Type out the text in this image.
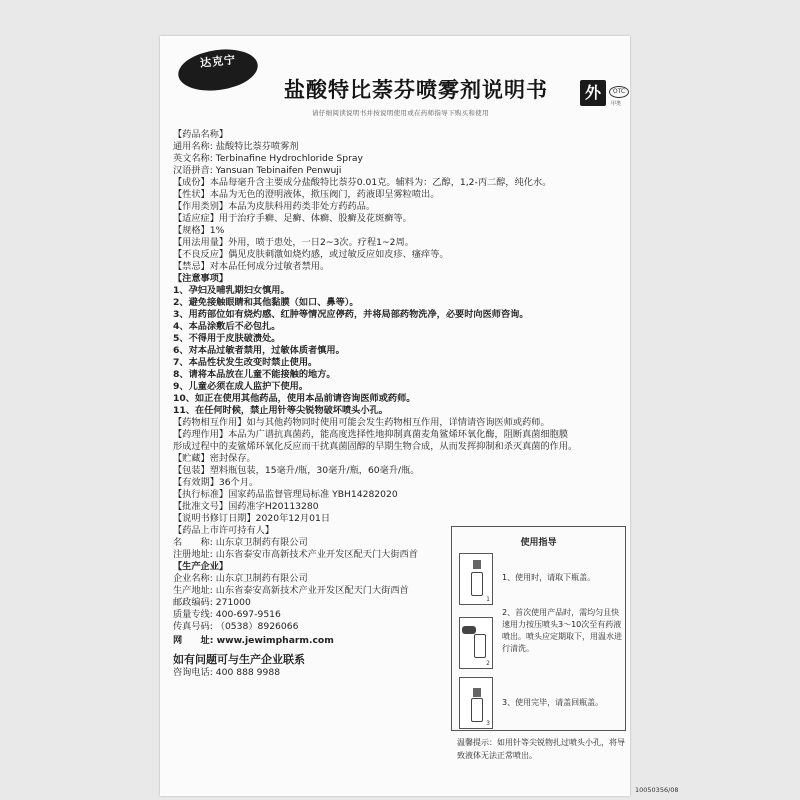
达克宁
盐酸特比萘芬喷雾剂说明书
请仔细阅读说明书并按说明使用或在药师指导下购买和使用
外	OTC
甲类
【药品名称】
通用名称: 盐酸特比萘芬喷雾剂
英文名称: Terbinafine Hydrochloride Spray
汉语拼音: Yansuan Tebinaifen Penwuji
【成份】本品每毫升含主要成分盐酸特比萘芬0.01克。辅料为：乙醇，1,2-丙二醇，纯化水。
【性状】本品为无色的澄明液体，揿压阀门，药液即呈雾粒喷出。
【作用类别】本品为皮肤科用药类非处方药药品。
【适应症】用于治疗手癣、足癣、体癣、股癣及花斑癣等。
【规格】1%
【用法用量】外用，喷于患处，一日2~3次。疗程1~2周。
【不良反应】偶见皮肤刺激如烧灼感，或过敏反应如皮疹、瘙痒等。
【禁忌】对本品任何成分过敏者禁用。
【注意事项】
1、孕妇及哺乳期妇女慎用。
2、避免接触眼睛和其他黏膜（如口、鼻等）。
3、用药部位如有烧灼感、红肿等情况应停药，并将局部药物洗净，必要时向医师咨询。
4、本品涂敷后不必包扎。
5、不得用于皮肤破溃处。
6、对本品过敏者禁用，过敏体质者慎用。
7、本品性状发生改变时禁止使用。
8、请将本品放在儿童不能接触的地方。
9、儿童必须在成人监护下使用。
10、如正在使用其他药品，使用本品前请咨询医师或药师。
11、在任何时候，禁止用针等尖锐物破坏喷头小孔。
【药物相互作用】如与其他药物同时使用可能会发生药物相互作用，详情请咨询医师或药师。
【药理作用】本品为广谱抗真菌药，能高度选择性地抑制真菌麦角鲨烯环氧化酶，阻断真菌细胞膜
形成过程中的麦鲨烯环氧化反应而干扰真菌固醇的早期生物合成，从而发挥抑制和杀灭真菌的作用。
【贮藏】密封保存。
【包装】塑料瓶包装，15毫升/瓶，30毫升/瓶，60毫升/瓶。
【有效期】36个月。
【执行标准】国家药品监督管理局标准 YBH14282020
【批准文号】国药准字H20113280
【说明书修订日期】2020年12月01日
【药品上市许可持有人】
名　　称: 山东京卫制药有限公司
注册地址: 山东省泰安市高新技术产业开发区配天门大街西首
【生产企业】
企业名称: 山东京卫制药有限公司
生产地址: 山东省泰安高新技术产业开发区配天门大街西首
邮政编码: 271000
质量专线: 400-697-9516
传真号码: （0538）8926066
网　　址: www.jewimpharm.com
如有问题可与生产企业联系
咨询电话: 400 888 9988
使用指导
1
1、使用时，请取下瓶盖。
2
2、首次使用产品时，需均匀且快速用力按压喷头3～10次至有药液喷出。喷头应定期取下，用温水进行清洗。
3
3、使用完毕，请盖回瓶盖。
温馨提示：如用针等尖锐物扎过喷头小孔，将导致液体无法正常喷出。
10050356/08
